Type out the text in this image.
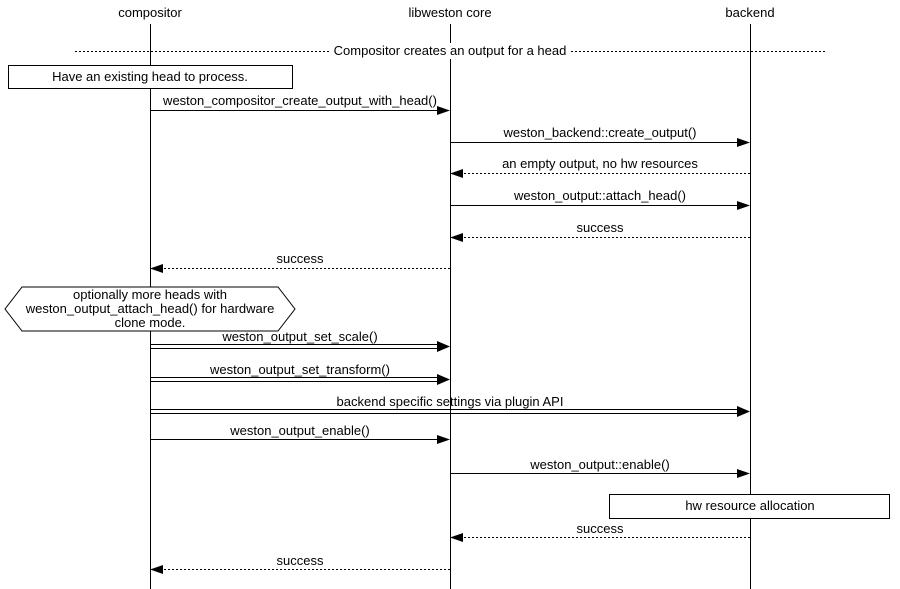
compositor	libweston core	backend
Compositor creates an output for a head
Have an existing head to process.
hw resource allocation
optionally more heads with
weston_output_attach_head() for hardware
clone mode.
weston_compositor_create_output_with_head()
weston_backend::create_output()
an empty output, no hw resources
weston_output::attach_head()
success
success
weston_output_set_scale()
weston_output_set_transform()
backend specific settings via plugin API
weston_output_enable()
weston_output::enable()
success
success
